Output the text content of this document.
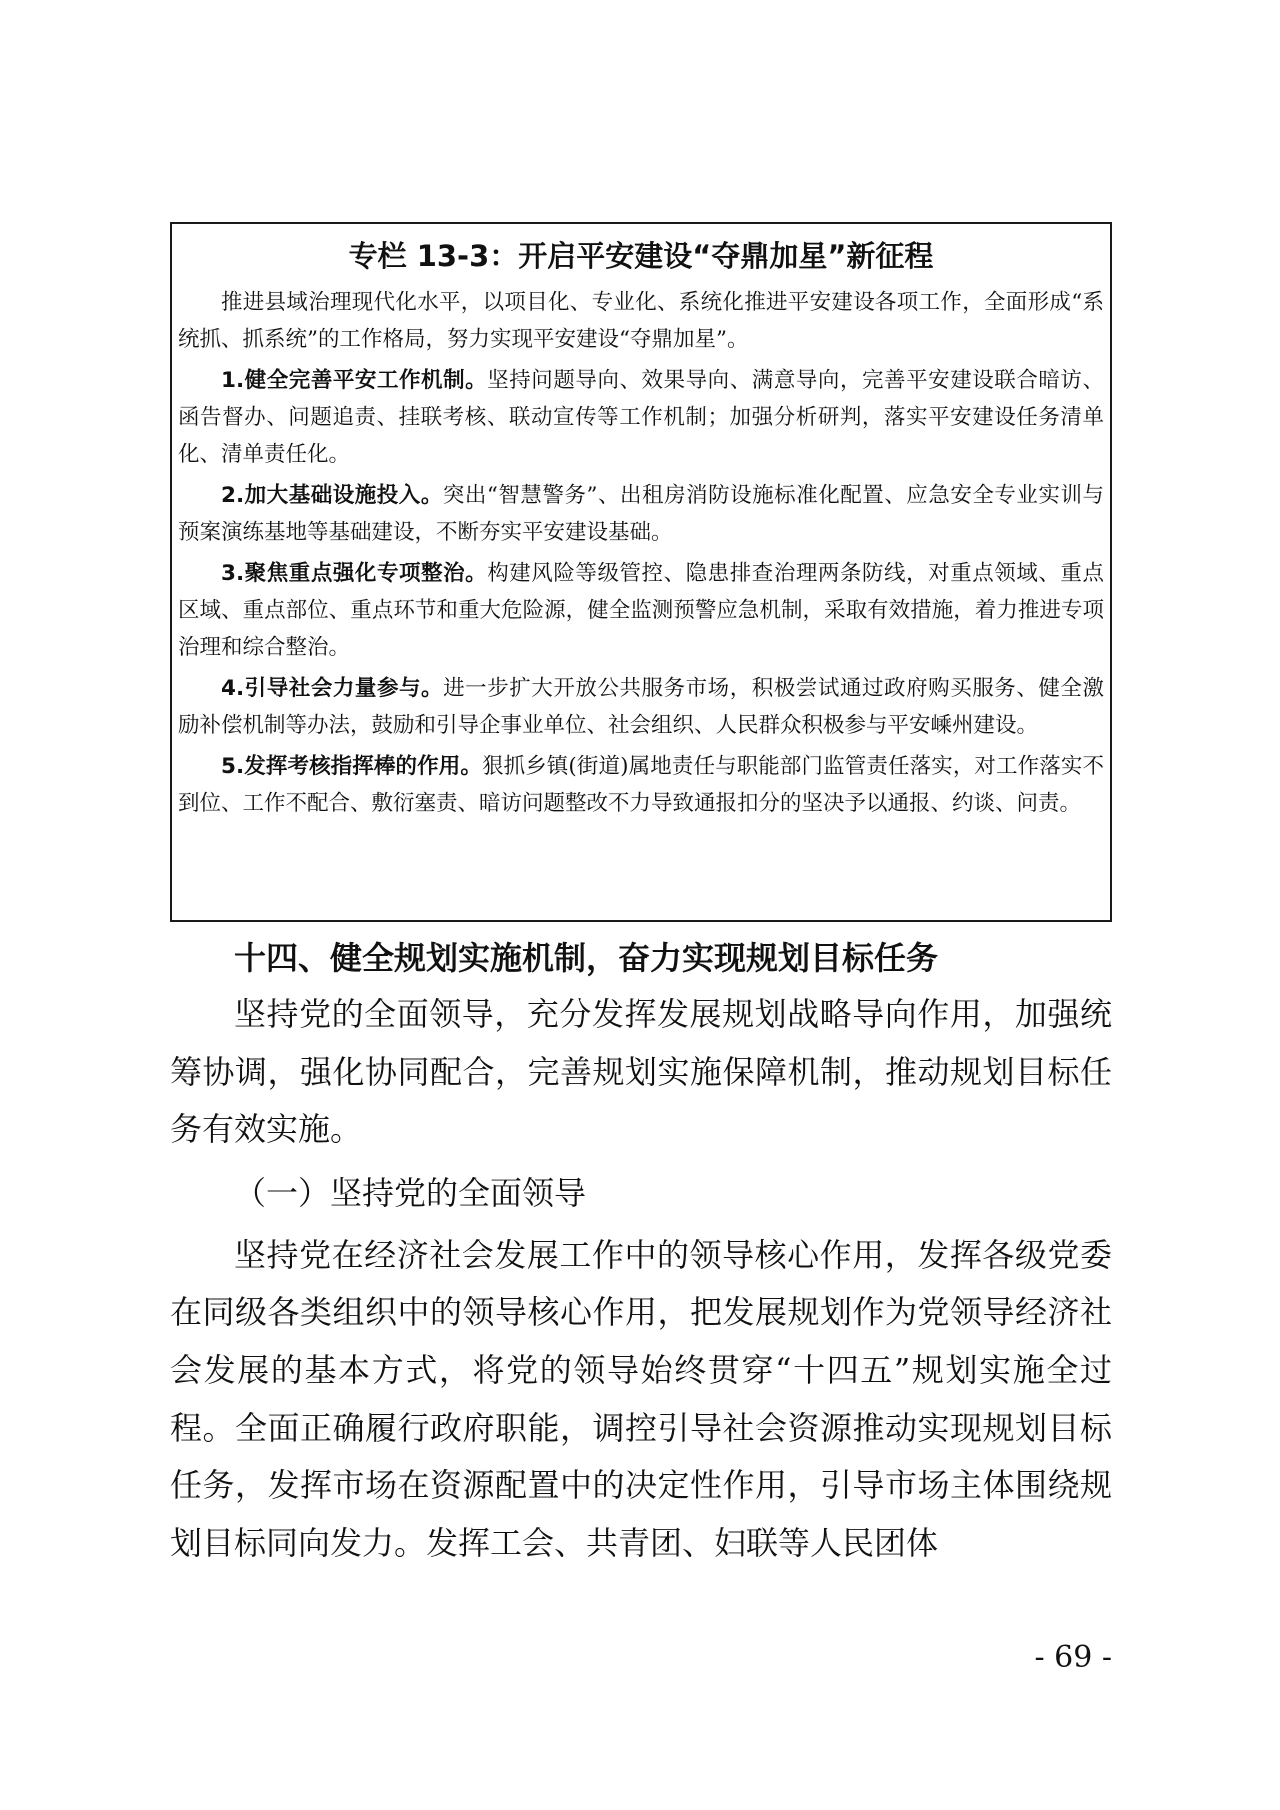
专栏 13-3：开启平安建设“夺鼎加星”新征程

推进县域治理现代化水平，以项目化、专业化、系统化推进平安建设各项工作，全面形成“系统抓、抓系统”的工作格局，努力实现平安建设“夺鼎加星”。

1.健全完善平安工作机制。坚持问题导向、效果导向、满意导向，完善平安建设联合暗访、函告督办、问题追责、挂联考核、联动宣传等工作机制；加强分析研判，落实平安建设任务清单化、清单责任化。

2.加大基础设施投入。突出“智慧警务”、出租房消防设施标准化配置、应急安全专业实训与预案演练基地等基础建设，不断夯实平安建设基础。

3.聚焦重点强化专项整治。构建风险等级管控、隐患排查治理两条防线，对重点领域、重点区域、重点部位、重点环节和重大危险源，健全监测预警应急机制，采取有效措施，着力推进专项治理和综合整治。

4.引导社会力量参与。进一步扩大开放公共服务市场，积极尝试通过政府购买服务、健全激励补偿机制等办法，鼓励和引导企事业单位、社会组织、人民群众积极参与平安嵊州建设。

5.发挥考核指挥棒的作用。狠抓乡镇(街道)属地责任与职能部门监管责任落实，对工作落实不到位、工作不配合、敷衍塞责、暗访问题整改不力导致通报扣分的坚决予以通报、约谈、问责。

十四、健全规划实施机制，奋力实现规划目标任务

坚持党的全面领导，充分发挥发展规划战略导向作用，加强统筹协调，强化协同配合，完善规划实施保障机制，推动规划目标任务有效实施。

（一）坚持党的全面领导

坚持党在经济社会发展工作中的领导核心作用，发挥各级党委在同级各类组织中的领导核心作用，把发展规划作为党领导经济社会发展的基本方式，将党的领导始终贯穿“十四五”规划实施全过程。全面正确履行政府职能，调控引导社会资源推动实现规划目标任务，发挥市场在资源配置中的决定性作用，引导市场主体围绕规划目标同向发力。发挥工会、共青团、妇联等人民团体

- 69 -
